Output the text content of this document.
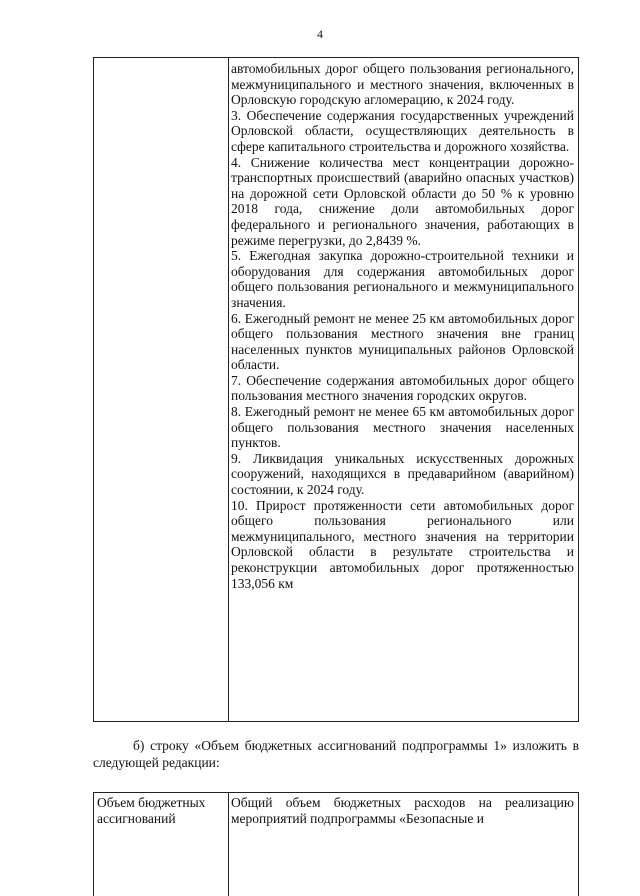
4

автомобильных дорог общего пользования регионального, межмуниципального и местного значения, включенных в Орловскую городскую агломерацию, к 2024 году.

3. Обеспечение содержания государственных учреждений Орловской области, осуществляющих деятельность в сфере капитального строительства и дорожного хозяйства.

4. Снижение количества мест концентрации дорожно-транспортных происшествий (аварийно опасных участков) на дорожной сети Орловской области до 50 % к уровню 2018 года, снижение доли автомобильных дорог федерального и регионального значения, работающих в режиме перегрузки, до 2,8439 %.

5. Ежегодная закупка дорожно-строительной техники и оборудования для содержания автомобильных дорог общего пользования регионального и межмуниципального значения.

6. Ежегодный ремонт не менее 25 км автомобильных дорог общего пользования местного значения вне границ населенных пунктов муниципальных районов Орловской области.

7. Обеспечение содержания автомобильных дорог общего пользования местного значения городских округов.

8. Ежегодный ремонт не менее 65 км автомобильных дорог общего пользования местного значения населенных пунктов.

9. Ликвидация уникальных искусственных дорожных сооружений, находящихся в предаварийном (аварийном) состоянии, к 2024 году.

10. Прирост протяженности сети автомобильных дорог общего пользования регионального или межмуниципального, местного значения на территории Орловской области в результате строительства и реконструкции автомобильных дорог протяженностью 133,056 км

б) строку «Объем бюджетных ассигнований подпрограммы 1» изложить в следующей редакции:

Объем бюджетных ассигнований

Общий объем бюджетных расходов на реализацию мероприятий подпрограммы «Безопасные и
